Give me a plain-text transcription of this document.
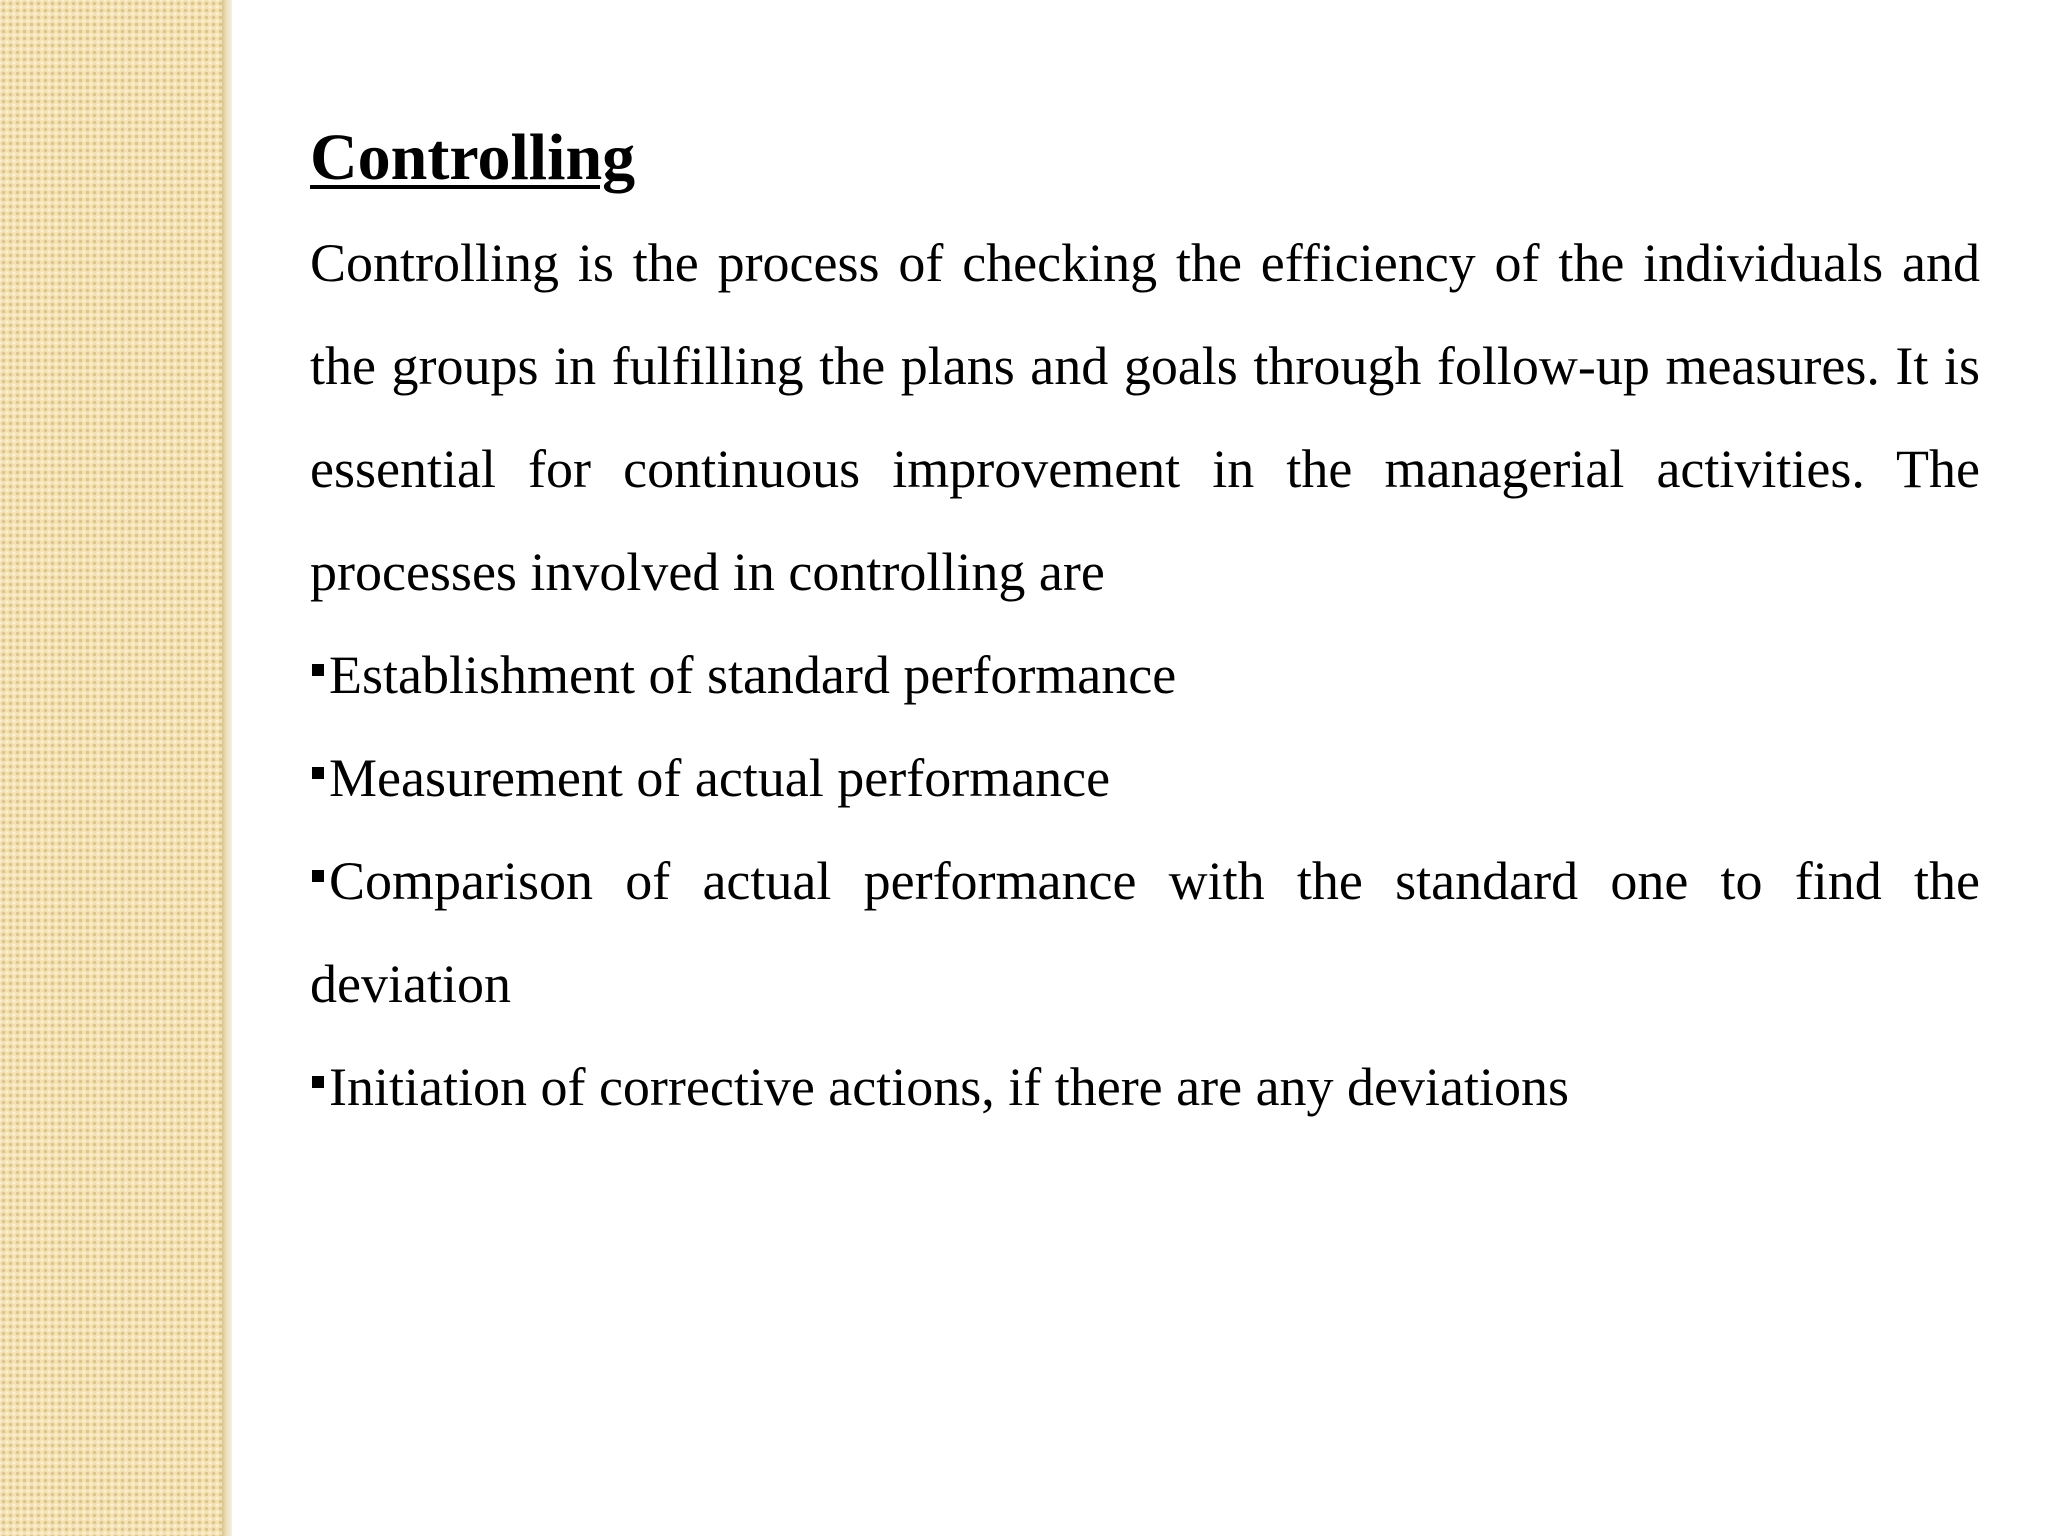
Controlling

Controlling is the process of checking the efficiency of the individuals and the groups in fulfilling the plans and goals through follow-up measures. It is essential for continuous improvement in the managerial activities. The processes involved in controlling are

Establishment of standard performance
Measurement of actual performance
Comparison of actual performance with the standard one to find the deviation
Initiation of corrective actions, if there are any deviations
